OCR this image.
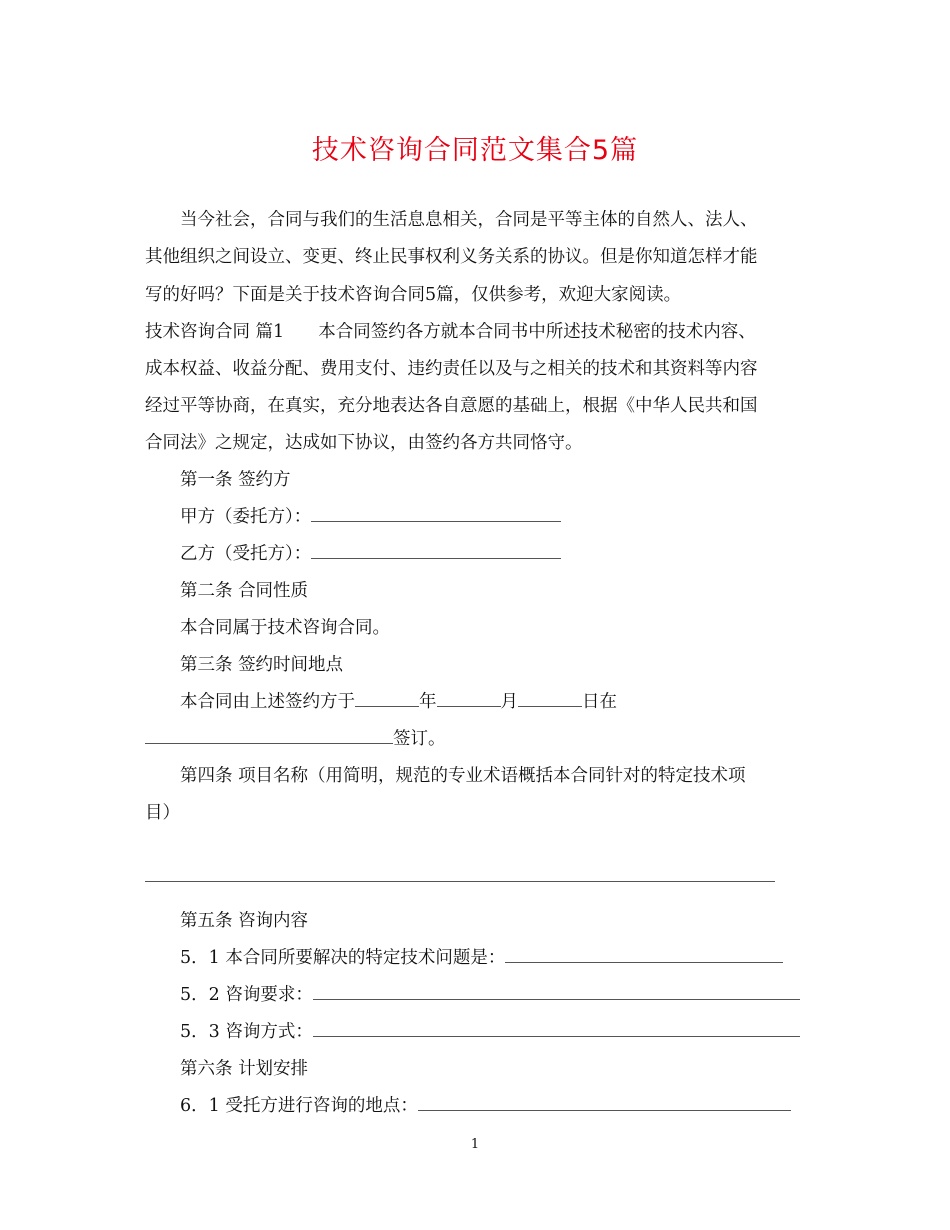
技术咨询合同范文集合5篇
当今社会，合同与我们的生活息息相关，合同是平等主体的自然人、法人、
其他组织之间设立、变更、终止民事权利义务关系的协议。但是你知道怎样才能
写的好吗？下面是关于技术咨询合同5篇，仅供参考，欢迎大家阅读。
技术咨询合同 篇1 本合同签约各方就本合同书中所述技术秘密的技术内容、
成本权益、收益分配、费用支付、违约责任以及与之相关的技术和其资料等内容
经过平等协商，在真实，充分地表达各自意愿的基础上，根据《中华人民共和国
合同法》之规定，达成如下协议，由签约各方共同恪守。
第一条 签约方
甲方（委托方）：
乙方（受托方）：
第二条 合同性质
本合同属于技术咨询合同。
第三条 签约时间地点
本合同由上述签约方于	年	月	日在
签订。
第四条 项目名称（用简明，规范的专业术语概括本合同针对的特定技术项
目）
第五条 咨询内容
5．1 本合同所要解决的特定技术问题是：
5．2 咨询要求：
5．3 咨询方式：
第六条 计划安排
6．1 受托方进行咨询的地点：
1
